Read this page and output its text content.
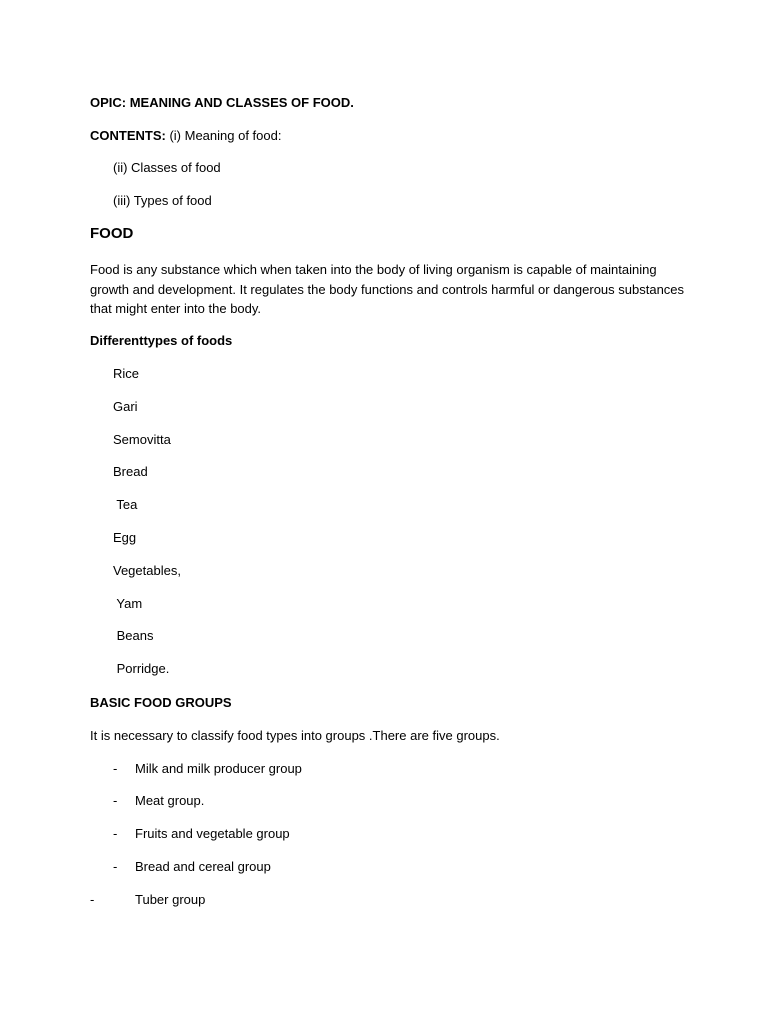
OPIC: MEANING AND CLASSES OF FOOD.
CONTENTS: (i) Meaning of food:
(ii) Classes of food
(iii) Types of food
FOOD
Food is any substance which when taken into the body of living organism is capable of maintaining growth and development. It regulates the body functions and controls harmful or dangerous substances that might enter into the body.
Differenttypes of foods
Rice
Gari
Semovitta
Bread
Tea
Egg
Vegetables,
Yam
Beans
Porridge.
BASIC FOOD GROUPS
It is necessary to classify food types into groups .There are five groups.
- Milk and milk producer group
- Meat group.
- Fruits and vegetable group
- Bread and cereal group
-	Tuber group
